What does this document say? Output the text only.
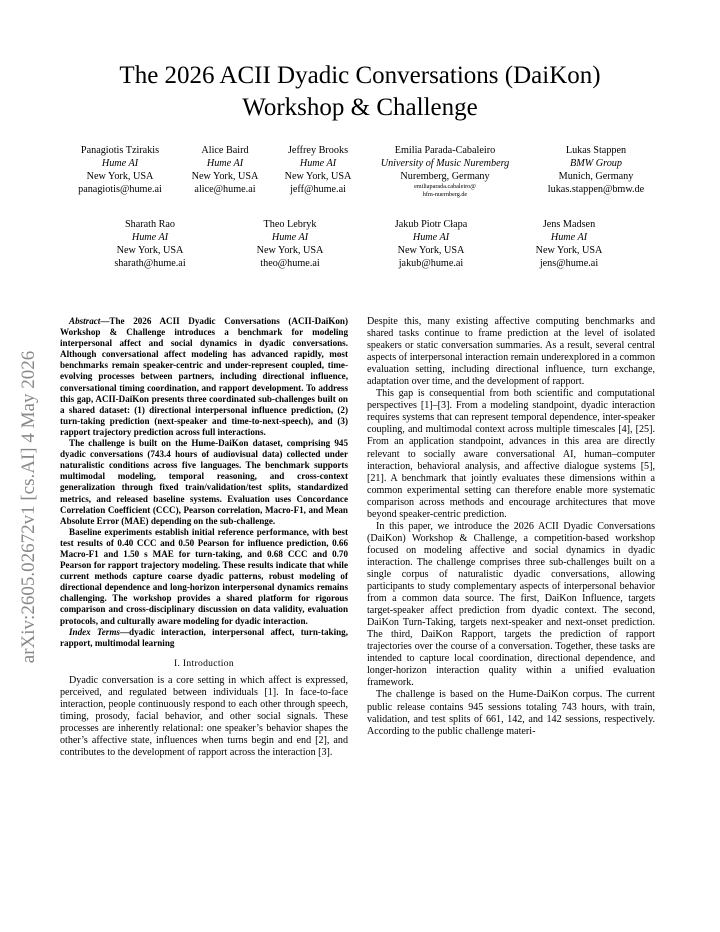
arXiv:2605.02672v1 [cs.AI] 4 May 2026
The 2026 ACII Dyadic Conversations (DaiKon)
Workshop & Challenge
Panagiotis Tzirakis
Hume AI
New York, USA
panagiotis@hume.ai
Alice Baird
Hume AI
New York, USA
alice@hume.ai
Jeffrey Brooks
Hume AI
New York, USA
jeff@hume.ai
Emilia Parada-Cabaleiro
University of Music Nuremberg
Nuremberg, Germany
emiliaparada.cabaleiro@
hfm-nuernberg.de
Lukas Stappen
BMW Group
Munich, Germany
lukas.stappen@bmw.de
Sharath Rao
Hume AI
New York, USA
sharath@hume.ai
Theo Lebryk
Hume AI
New York, USA
theo@hume.ai
Jakub Piotr Cłapa
Hume AI
New York, USA
jakub@hume.ai
Jens Madsen
Hume AI
New York, USA
jens@hume.ai

Abstract—The 2026 ACII Dyadic Conversations (ACII-DaiKon) Workshop & Challenge introduces a benchmark for modeling interpersonal affect and social dynamics in dyadic conversations. Although conversational affect modeling has advanced rapidly, most benchmarks remain speaker-centric and under-represent coupled, time-evolving processes between partners, including directional influence, conversational timing coordination, and rapport development. To address this gap, ACII-DaiKon presents three coordinated sub-challenges built on a shared dataset: (1) directional interpersonal influence prediction, (2) turn-taking prediction (next-speaker and time-to-next-speech), and (3) rapport trajectory prediction across full interactions.

The challenge is built on the Hume-DaiKon dataset, comprising 945 dyadic conversations (743.4 hours of audiovisual data) collected under naturalistic conditions across five languages. The benchmark supports multimodal modeling, temporal reasoning, and cross-context generalization through fixed train/validation/test splits, standardized metrics, and released baseline systems. Evaluation uses Concordance Correlation Coefficient (CCC), Pearson correlation, Macro-F1, and Mean Absolute Error (MAE) depending on the sub-challenge.

Baseline experiments establish initial reference performance, with best test results of 0.40 CCC and 0.50 Pearson for influence prediction, 0.66 Macro-F1 and 1.50 s MAE for turn-taking, and 0.68 CCC and 0.70 Pearson for rapport trajectory modeling. These results indicate that while current methods capture coarse dyadic patterns, robust modeling of directional dependence and long-horizon interpersonal dynamics remains challenging. The workshop provides a shared platform for rigorous comparison and cross-disciplinary discussion on data validity, evaluation protocols, and culturally aware modeling for dyadic interaction.

Index Terms—dyadic interaction, interpersonal affect, turn-taking, rapport, multimodal learning

I. Introduction

Dyadic conversation is a core setting in which affect is expressed, perceived, and regulated between individuals [1]. In face-to-face interaction, people continuously respond to each other through speech, timing, prosody, facial behavior, and other social signals. These processes are inherently relational: one speaker’s behavior shapes the other’s affective state, influences when turns begin and end [2], and contributes to the development of rapport across the interaction [3].

Despite this, many existing affective computing benchmarks and shared tasks continue to frame prediction at the level of isolated speakers or static conversation summaries. As a result, several central aspects of interpersonal interaction remain underexplored in a common evaluation setting, including directional influence, turn exchange, adaptation over time, and the development of rapport.

This gap is consequential from both scientific and computational perspectives [1]–[3]. From a modeling standpoint, dyadic interaction requires systems that can represent temporal dependence, inter-speaker coupling, and multimodal context across multiple timescales [4], [25]. From an application standpoint, advances in this area are directly relevant to socially aware conversational AI, human–computer interaction, behavioral analysis, and affective dialogue systems [5], [21]. A benchmark that jointly evaluates these dimensions within a common experimental setting can therefore enable more systematic comparison across methods and encourage architectures that move beyond speaker-centric prediction.

In this paper, we introduce the 2026 ACII Dyadic Conversations (DaiKon) Workshop & Challenge, a competition-based workshop focused on modeling affective and social dynamics in dyadic interaction. The challenge comprises three sub-challenges built on a single corpus of naturalistic dyadic conversations, allowing participants to study complementary aspects of interpersonal behavior from a common data source. The first, DaiKon Influence, targets target-speaker affect prediction from dyadic context. The second, DaiKon Turn-Taking, targets next-speaker and next-onset prediction. The third, DaiKon Rapport, targets the prediction of rapport trajectories over the course of a conversation. Together, these tasks are intended to capture local coordination, directional dependence, and longer-horizon interaction quality within a unified evaluation framework.

The challenge is based on the Hume-DaiKon corpus. The current public release contains 945 sessions totaling 743 hours, with train, validation, and test splits of 661, 142, and 142 sessions, respectively. According to the public challenge materi-
